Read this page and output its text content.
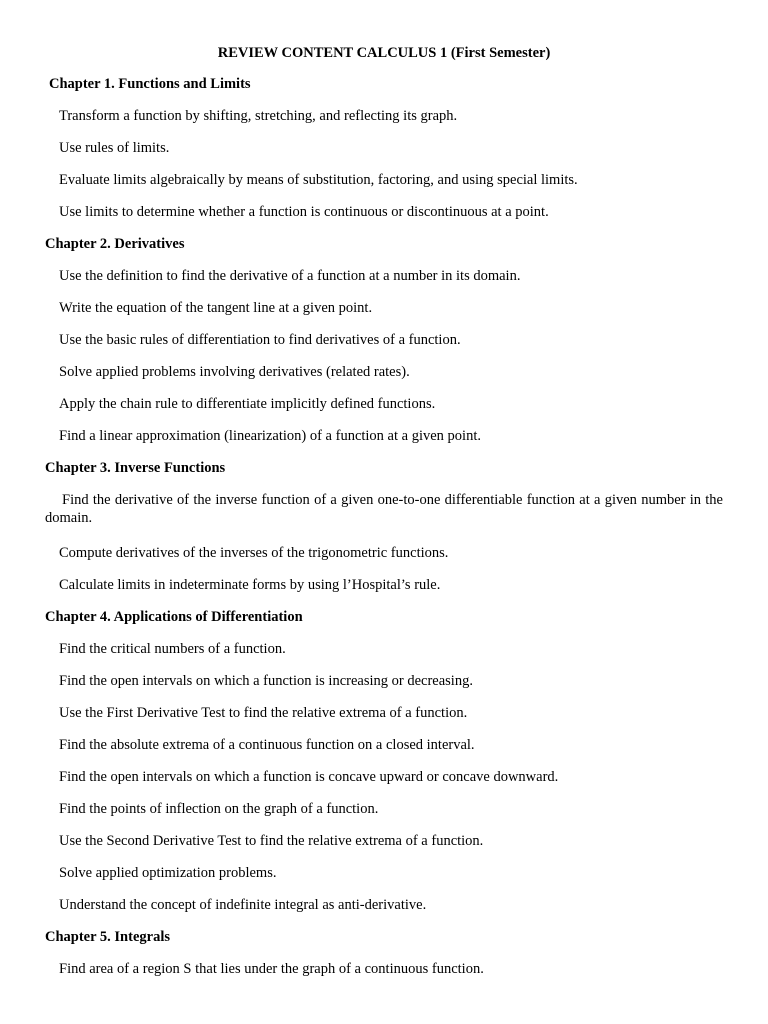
REVIEW CONTENT CALCULUS 1 (First Semester)
Chapter 1. Functions and Limits
Transform a function by shifting, stretching, and reflecting its graph.
Use rules of limits.
Evaluate limits algebraically by means of substitution, factoring, and using special limits.
Use limits to determine whether a function is continuous or discontinuous at a point.
Chapter 2. Derivatives
Use the definition to find the derivative of a function at a number in its domain.
Write the equation of the tangent line at a given point.
Use the basic rules of differentiation to find derivatives of a function.
Solve applied problems involving derivatives (related rates).
Apply the chain rule to differentiate implicitly defined functions.
Find a linear approximation (linearization) of a function at a given point.
Chapter 3. Inverse Functions
Find the derivative of the inverse function of a given one-to-one differentiable function at a given number in the domain.
Compute derivatives of the inverses of the trigonometric functions.
Calculate limits in indeterminate forms by using l’Hospital’s rule.
Chapter 4. Applications of Differentiation
Find the critical numbers of a function.
Find the open intervals on which a function is increasing or decreasing.
Use the First Derivative Test to find the relative extrema of a function.
Find the absolute extrema of a continuous function on a closed interval.
Find the open intervals on which a function is concave upward or concave downward.
Find the points of inflection on the graph of a function.
Use the Second Derivative Test to find the relative extrema of a function.
Solve applied optimization problems.
Understand the concept of indefinite integral as anti-derivative.
Chapter 5. Integrals
Find area of a region S that lies under the graph of a continuous function.
